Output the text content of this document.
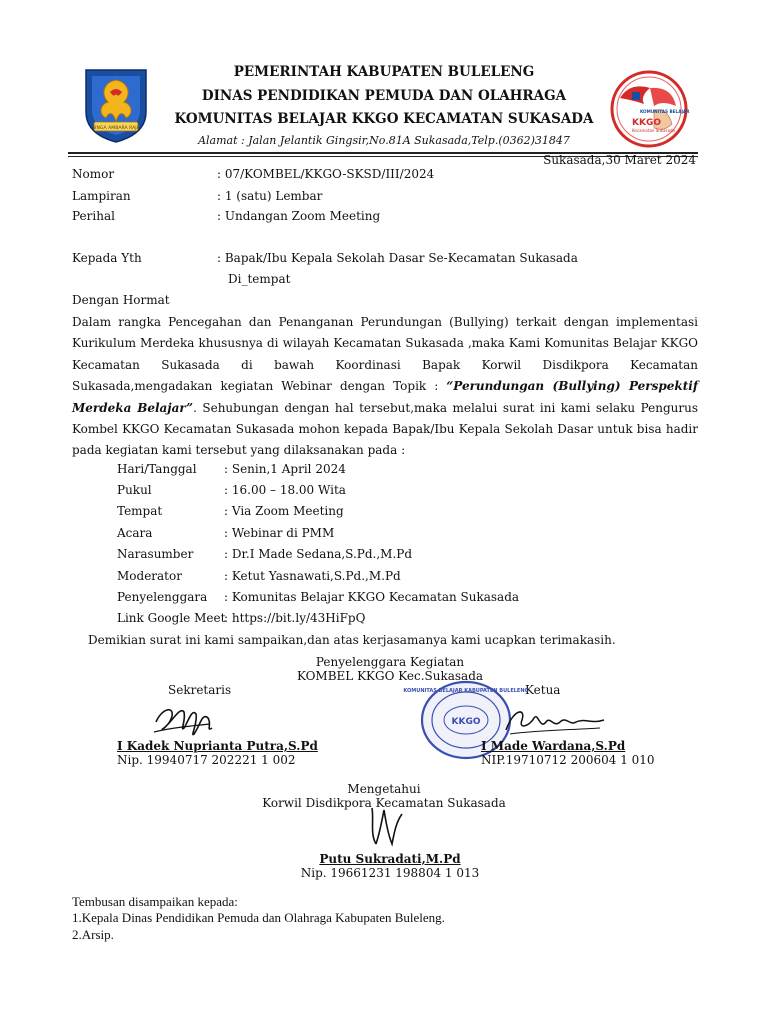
SINGA AMBARA RAJA
KOMUNITAS BELAJAR
KKGO
Kecamatan Sukasada
PEMERINTAH KABUPATEN BULELENG
DINAS PENDIDIKAN PEMUDA DAN OLAHRAGA
KOMUNITAS BELAJAR KKGO KECAMATAN SUKASADA
Alamat : Jalan Jelantik Gingsir,No.81A Sukasada,Telp.(0362)31847
Sukasada,30 Maret 2024
Nomor	: 07/KOMBEL/KKGO-SKSD/III/2024
Lampiran	: 1 (satu) Lembar
Perihal	: Undangan Zoom Meeting
Kepada Yth	: Bapak/Ibu Kepala Sekolah Dasar Se-Kecamatan Sukasada
Di_tempat
Dengan Hormat
Dalam rangka Pencegahan dan Penanganan Perundungan (Bullying) terkait dengan implementasi Kurikulum Merdeka khususnya di wilayah Kecamatan Sukasada ,maka Kami Komunitas Belajar KKGO Kecamatan Sukasada di bawah Koordinasi Bapak Korwil Disdikpora Kecamatan Sukasada,mengadakan kegiatan Webinar dengan Topik : “Perundungan (Bullying) Perspektif Merdeka Belajar”. Sehubungan dengan hal tersebut,maka melalui surat ini kami selaku Pengurus Kombel KKGO Kecamatan Sukasada mohon kepada Bapak/Ibu Kepala Sekolah Dasar untuk bisa hadir pada kegiatan kami tersebut yang dilaksanakan pada :
Hari/Tanggal : Senin,1 April 2024
Pukul	: 16.00 – 18.00 Wita
Tempat	: Via Zoom Meeting
Acara	: Webinar di PMM
Narasumber	: Dr.I Made Sedana,S.Pd.,M.Pd
Moderator	: Ketut Yasnawati,S.Pd.,M.Pd
Penyelenggara : Komunitas Belajar KKGO Kecamatan Sukasada
Link Google Meet
: https://bit.ly/43HiFpQ
Demikian surat ini kami sampaikan,dan atas kerjasamanya kami ucapkan terimakasih.
Penyelenggara Kegiatan
KOMBEL KKGO Kec.Sukasada
Sekretaris	Ketua
KOMUNITAS BELAJAR KABUPATEN BULELENG
KKGO
I Kadek Nuprianta Putra,S.Pd
Nip. 19940717 202221 1 002
I Made Wardana,S.Pd
NIP.19710712 200604 1 010
Mengetahui
Korwil Disdikpora Kecamatan Sukasada
Putu Sukradati,M.Pd
Nip. 19661231 198804 1 013
Tembusan disampaikan kepada:
1.Kepala Dinas Pendidikan Pemuda dan Olahraga Kabupaten Buleleng.
2.Arsip.
